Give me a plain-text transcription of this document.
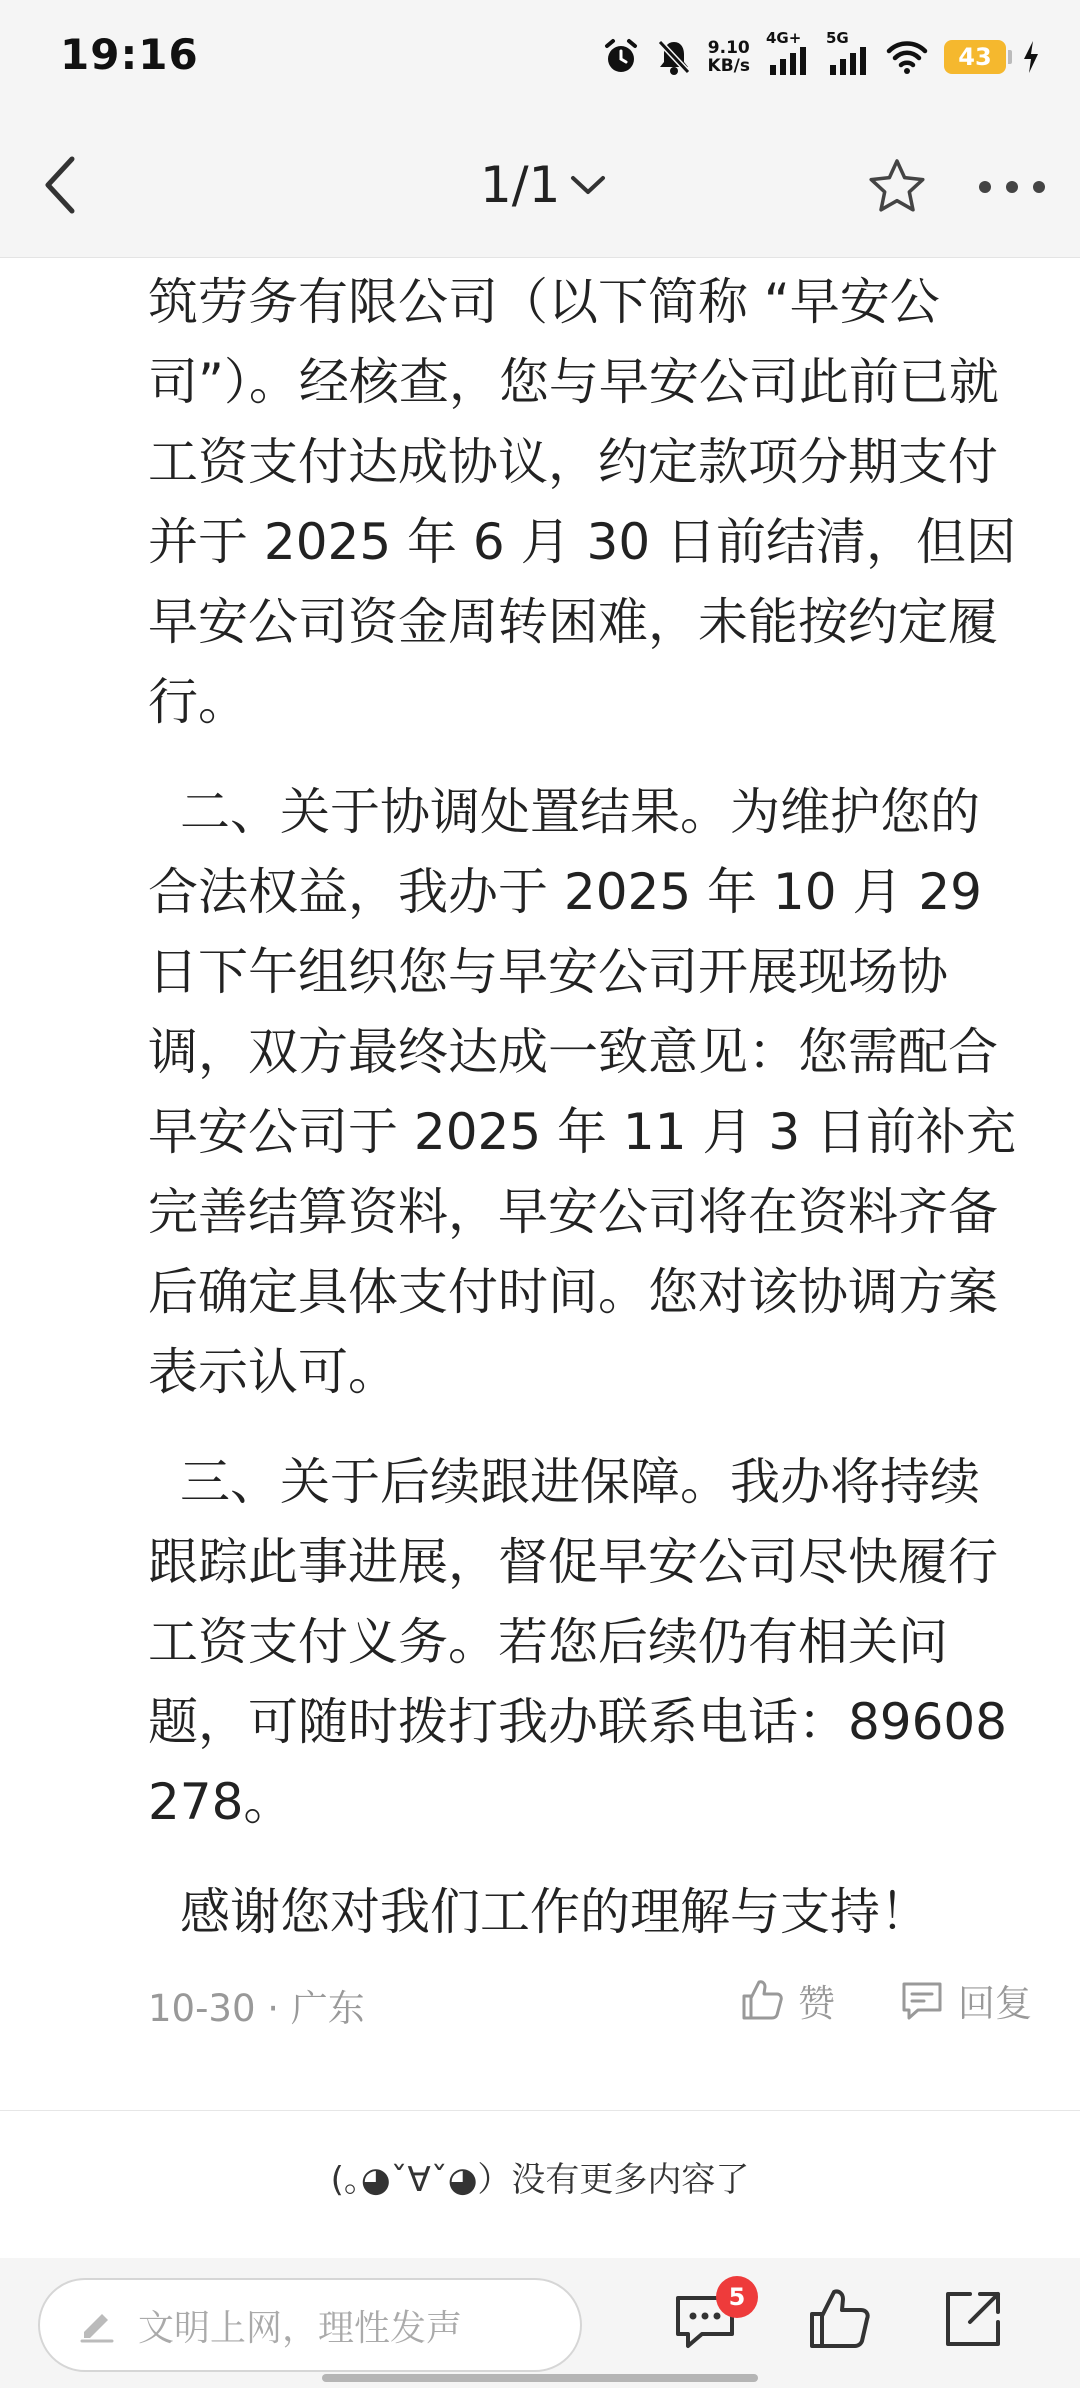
19:16	9.10
KB/s
4G+ 5G
43
1/1

筑劳务有限公司（以下简称 “早安公司”）。经核查，您与早安公司此前已就工资支付达成协议，约定款项分期支付并于 2025 年 6 月 30 日前结清，但因早安公司资金周转困难，未能按约定履行。

二、关于协调处置结果。为维护您的合法权益，我办于 2025 年 10 月 29 日下午组织您与早安公司开展现场协调，双方最终达成一致意见：您需配合早安公司于 2025 年 11 月 3 日前补充完善结算资料，早安公司将在资料齐备后确定具体支付时间。您对该协调方案表示认可。

三、关于后续跟进保障。我办将持续跟踪此事进展，督促早安公司尽快履行工资支付义务。若您后续仍有相关问题，可随时拨打我办联系电话：89608278。

感谢您对我们工作的理解与支持！

10-30 · 广东	赞	回复
(｡◕ˇ∀ˇ◕）没有更多内容了
文明上网，理性发声
5
